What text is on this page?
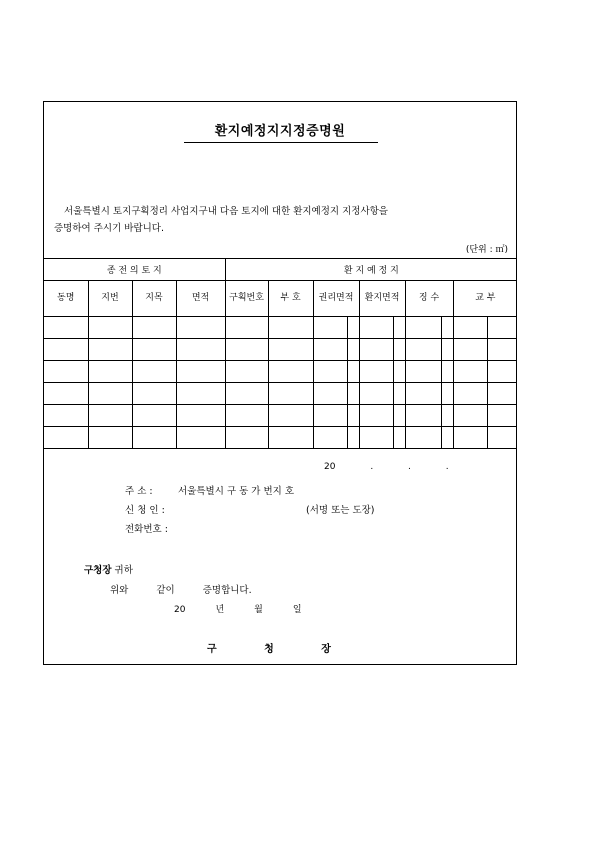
환지예정지지정증명원
서울특별시 토지구획정리 사업지구내 다음 토지에 대한 환지예정지 지정사항을
증명하여 주시기 바랍니다.
(단위 : ㎡)
종 전 의 토 지				환 지 예 정 지									
동명	지번	지목	면적	구획번호	부 호	권리면적		환지면적		징 수		교 부	

20 . . .
주 소 :	서울특별시 구 동 가 번지 호
신 청 인 :	(서명 또는 도장)
전화번호 :
구청장 귀하
위와	같이	증명합니다.
20	년	월	일
구 청 장
